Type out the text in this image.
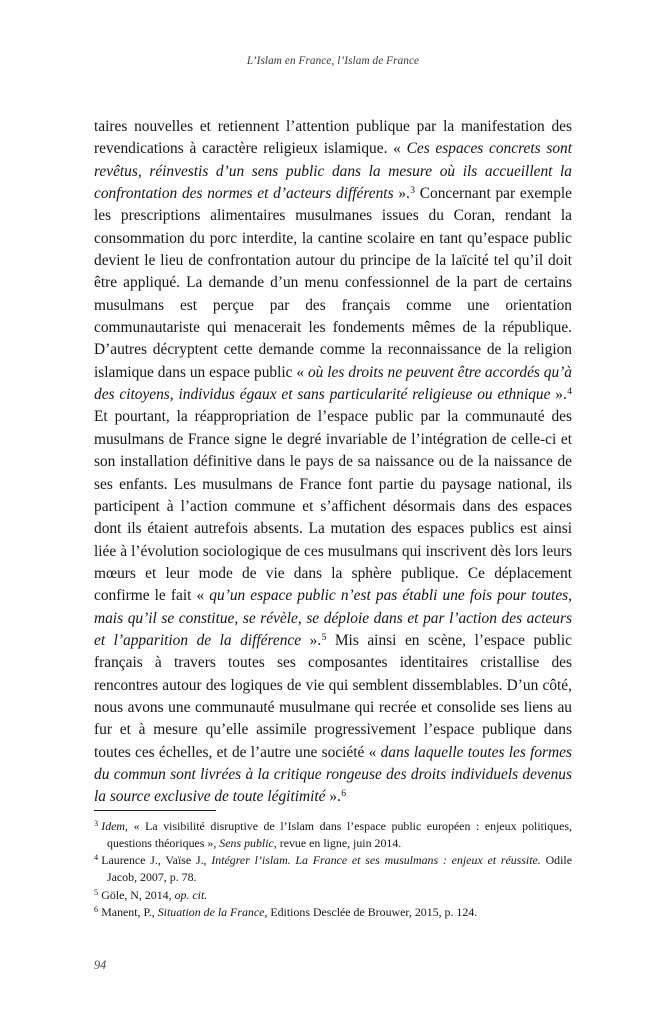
L’Islam en France, l’Islam de France

taires nouvelles et retiennent l’attention publique par la manifestation des revendications à caractère religieux islamique. « Ces espaces concrets sont revêtus, réinvestis d’un sens public dans la mesure où ils accueillent la confrontation des normes et d’acteurs différents ».$^3$ Concernant par exemple les prescriptions alimentaires musulmanes issues du Coran, rendant la consommation du porc interdite, la cantine scolaire en tant qu’espace public devient le lieu de confrontation autour du principe de la laïcité tel qu’il doit être appliqué. La demande d’un menu confessionnel de la part de certains musulmans est perçue par des français comme une orientation communautariste qui menacerait les fondements mêmes de la république. D’autres décryptent cette demande comme la reconnaissance de la religion islamique dans un espace public « où les droits ne peuvent être accordés qu’à des citoyens, individus égaux et sans particularité religieuse ou ethnique ».$^4$ Et pourtant, la réappropriation de l’espace public par la communauté des musulmans de France signe le degré invariable de l’intégration de celle-ci et son installation définitive dans le pays de sa naissance ou de la naissance de ses enfants. Les musulmans de France font partie du paysage national, ils participent à l’action commune et s’affichent désormais dans des espaces dont ils étaient autrefois absents. La mutation des espaces publics est ainsi liée à l’évolution sociologique de ces musulmans qui inscrivent dès lors leurs mœurs et leur mode de vie dans la sphère publique. Ce déplacement confirme le fait « qu’un espace public n’est pas établi une fois pour toutes, mais qu’il se constitue, se révèle, se déploie dans et par l’action des acteurs et l’apparition de la différence ».$^5$ Mis ainsi en scène, l’espace public français à travers toutes ses composantes identitaires cristallise des rencontres autour des logiques de vie qui semblent dissemblables. D’un côté, nous avons une communauté musulmane qui recrée et consolide ses liens au fur et à mesure qu’elle assimile progressivement l’espace publique dans toutes ces échelles, et de l’autre une société « dans laquelle toutes les formes du commun sont livrées à la critique rongeuse des droits individuels devenus la source exclusive de toute légitimité ».$^6$

$^3$ Idem, « La visibilité disruptive de l’Islam dans l’espace public européen : enjeux politiques, questions théoriques », Sens public, revue en ligne, juin 2014.

$^4$ Laurence J., Vaïse J., Intégrer l’islam. La France et ses musulmans : enjeux et réussite. Odile Jacob, 2007, p. 78.

$^5$ Göle, N, 2014, op. cit.

$^6$ Manent, P., Situation de la France, Editions Desclée de Brouwer, 2015, p. 124.

94
